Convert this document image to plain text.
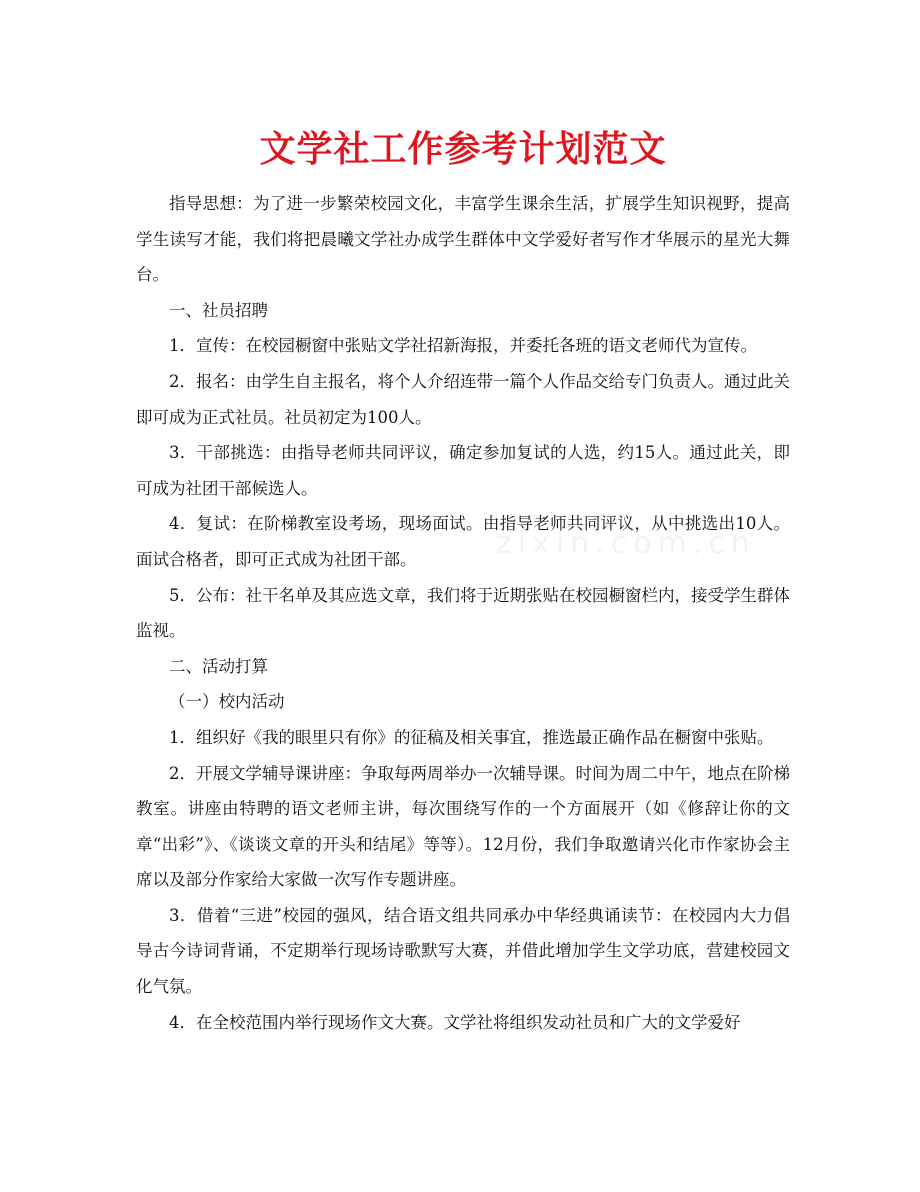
文学社工作参考计划范文

指导思想：为了进一步繁荣校园文化，丰富学生课余生活，扩展学生知识视野，提高学生读写才能，我们将把晨曦文学社办成学生群体中文学爱好者写作才华展示的星光大舞台。

一、社员招聘

1．宣传：在校园橱窗中张贴文学社招新海报，并委托各班的语文老师代为宣传。

2．报名：由学生自主报名，将个人介绍连带一篇个人作品交给专门负责人。通过此关即可成为正式社员。社员初定为100人。

3．干部挑选：由指导老师共同评议，确定参加复试的人选，约15人。通过此关，即可成为社团干部候选人。

4．复试：在阶梯教室设考场，现场面试。由指导老师共同评议，从中挑选出10人。面试合格者，即可正式成为社团干部。

5．公布：社干名单及其应选文章，我们将于近期张贴在校园橱窗栏内，接受学生群体监视。

二、活动打算

（一）校内活动

1．组织好《我的眼里只有你》的征稿及相关事宜，推选最正确作品在橱窗中张贴。

2．开展文学辅导课讲座：争取每两周举办一次辅导课。时间为周二中午，地点在阶梯教室。讲座由特聘的语文老师主讲，每次围绕写作的一个方面展开（如《修辞让你的文章“出彩”》、《谈谈文章的开头和结尾》等等）。12月份，我们争取邀请兴化市作家协会主席以及部分作家给大家做一次写作专题讲座。

3．借着“三进”校园的强风，结合语文组共同承办中华经典诵读节：在校园内大力倡导古今诗词背诵，不定期举行现场诗歌默写大赛，并借此增加学生文学功底，营建校园文化气氛。

4．在全校范围内举行现场作文大赛。文学社将组织发动社员和广大的文学爱好

zixin.com.cn
